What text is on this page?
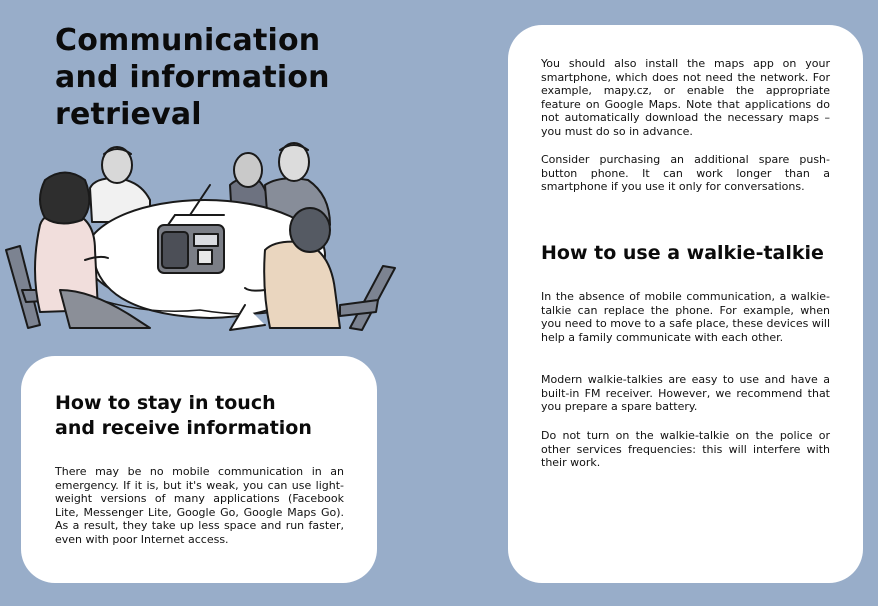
Communication
and information
retrieval
How to stay in touch
and receive information

There may be no mobile communication in an emergency. If it is, but it's weak, you can use light-weight versions of many applications (Facebook Lite, Messenger Lite, Google Go, Google Maps Go). As a result, they take up less space and run faster, even with poor Internet access.

You should also install the maps app on your smartphone, which does not need the network. For example, mapy.cz, or enable the appropriate feature on Google Maps. Note that applications do not automatically download the necessary maps – you must do so in advance.

Consider purchasing an additional spare push-button phone. It can work longer than a smartphone if you use it only for conversations.

How to use a walkie-talkie

In the absence of mobile communication, a walkie-talkie can replace the phone. For example, when you need to move to a safe place, these devices will help a family communicate with each other.

Modern walkie-talkies are easy to use and have a built-in FM receiver. However, we recommend that you prepare a spare battery.

Do not turn on the walkie-talkie on the police or other services frequencies: this will interfere with their work.
